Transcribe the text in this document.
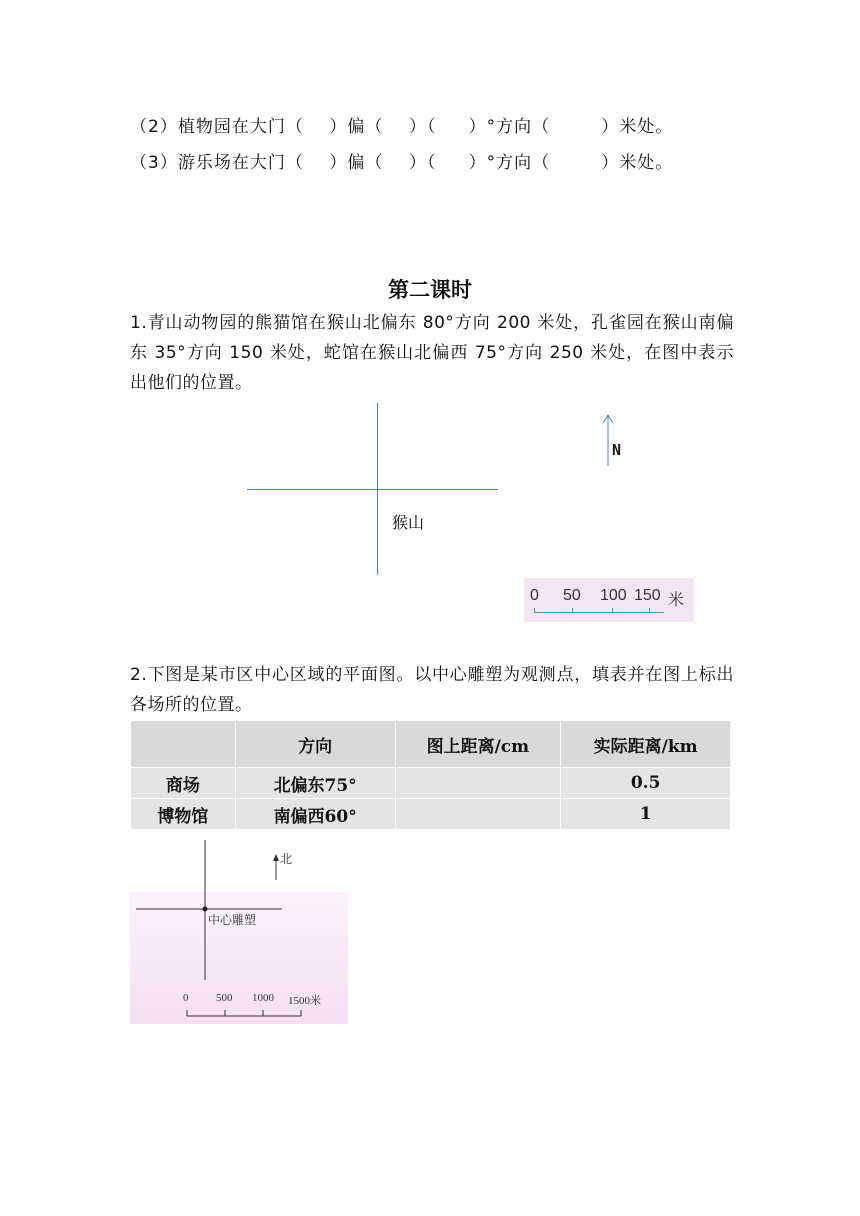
（2）植物园在大门（    ）偏（    ）（     ）°方向（        ）米处。
（3）游乐场在大门（    ）偏（    ）（     ）°方向（        ）米处。
第二课时
1.青山动物园的熊猫馆在猴山北偏东 80°方向 200 米处，孔雀园在猴山南偏东 35°方向 150 米处，蛇馆在猴山北偏西 75°方向 250 米处，在图中表示出他们的位置。
猴山
N
0 50 100 150 米
2.下图是某市区中心区域的平面图。以中心雕塑为观测点，填表并在图上标出各场所的位置。
	方向	图上距离/cm	实际距离/km
商场	北偏东75°		0.5
博物馆	南偏西60°		1
北
中心雕塑
0	500 1000 1500米
